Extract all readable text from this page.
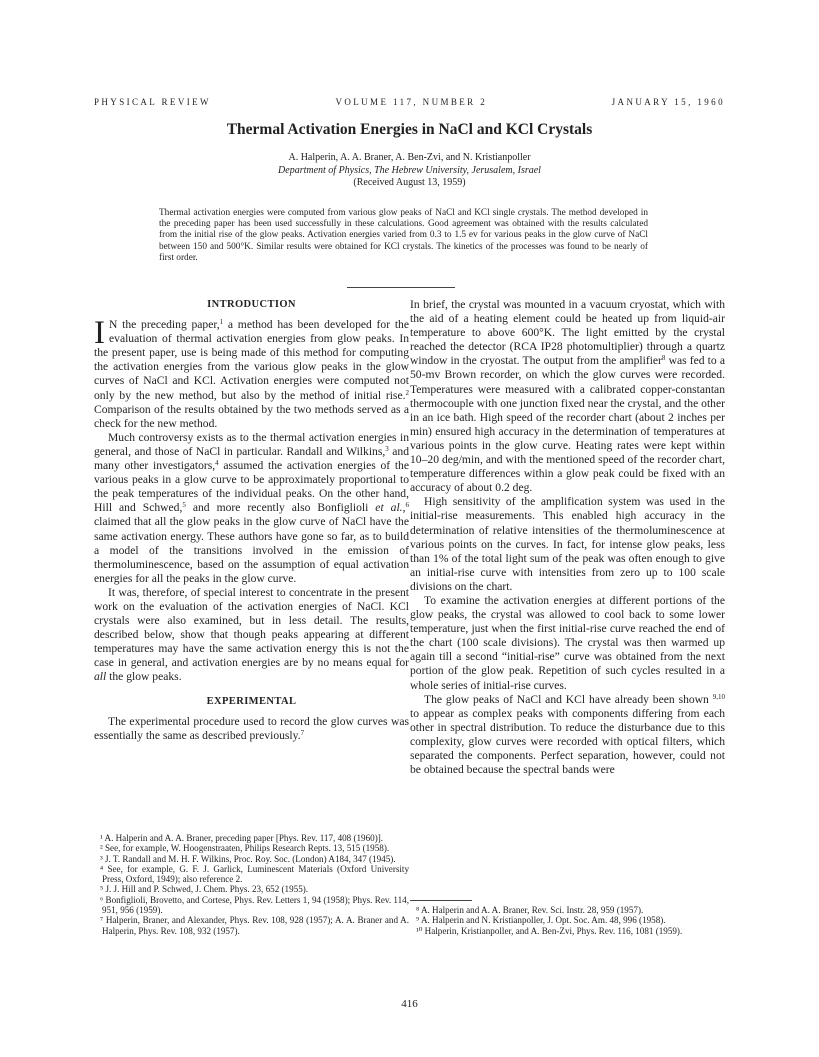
PHYSICAL REVIEW	VOLUME 117, NUMBER 2	JANUARY 15, 1960
Thermal Activation Energies in NaCl and KCl Crystals
A. Halperin, A. A. Braner, A. Ben-Zvi, and N. Kristianpoller
Department of Physics, The Hebrew University, Jerusalem, Israel
(Received August 13, 1959)
Thermal activation energies were computed from various glow peaks of NaCl and KCl single crystals. The method developed in the preceding paper has been used successfully in these calculations. Good agreement was obtained with the results calculated from the initial rise of the glow peaks. Activation energies varied from 0.3 to 1.5 ev for various peaks in the glow curve of NaCl between 150 and 500°K. Similar results were obtained for KCl crystals. The kinetics of the processes was found to be nearly of first order.
INTRODUCTION

I N the preceding paper,$^1$ a method has been developed for the evaluation of thermal activation energies from glow peaks. In the present paper, use is being made of this method for computing the activation energies from the various glow peaks in the glow curves of NaCl and KCl. Activation energies were computed not only by the new method, but also by the method of initial rise.$^2$ Comparison of the results obtained by the two methods served as a check for the new method.

Much controversy exists as to the thermal activation energies in general, and those of NaCl in particular. Randall and Wilkins,$^3$ and many other investigators,$^4$ assumed the activation energies of the various peaks in a glow curve to be approximately proportional to the peak temperatures of the individual peaks. On the other hand, Hill and Schwed,$^5$ and more recently also Bonfiglioli et al.,$^6$ claimed that all the glow peaks in the glow curve of NaCl have the same activation energy. These authors have gone so far, as to build a model of the transitions involved in the emission of thermoluminescence, based on the assumption of equal activation energies for all the peaks in the glow curve.

It was, therefore, of special interest to concentrate in the present work on the evaluation of the activation energies of NaCl. KCl crystals were also examined, but in less detail. The results, described below, show that though peaks appearing at different temperatures may have the same activation energy this is not the case in general, and activation energies are by no means equal for all the glow peaks.

EXPERIMENTAL

The experimental procedure used to record the glow curves was essentially the same as described previously.$^7$

¹ A. Halperin and A. A. Braner, preceding paper [Phys. Rev. 117, 408 (1960)].

² See, for example, W. Hoogenstraaten, Philips Research Repts. 13, 515 (1958).

³ J. T. Randall and M. H. F. Wilkins, Proc. Roy. Soc. (London) A184, 347 (1945).

⁴ See, for example, G. F. J. Garlick, Luminescent Materials (Oxford University Press, Oxford, 1949); also reference 2.

⁵ J. J. Hill and P. Schwed, J. Chem. Phys. 23, 652 (1955).

⁶ Bonfiglioli, Brovetto, and Cortese, Phys. Rev. Letters 1, 94 (1958); Phys. Rev. 114, 951, 956 (1959).

⁷ Halperin, Braner, and Alexander, Phys. Rev. 108, 928 (1957); A. A. Braner and A. Halperin, Phys. Rev. 108, 932 (1957).

In brief, the crystal was mounted in a vacuum cryostat, which with the aid of a heating element could be heated up from liquid-air temperature to above 600°K. The light emitted by the crystal reached the detector (RCA IP28 photomultiplier) through a quartz window in the cryostat. The output from the amplifier$^8$ was fed to a 50-mv Brown recorder, on which the glow curves were recorded. Temperatures were measured with a calibrated copper-constantan thermocouple with one junction fixed near the crystal, and the other in an ice bath. High speed of the recorder chart (about 2 inches per min) ensured high accuracy in the determination of temperatures at various points in the glow curve. Heating rates were kept within 10–20 deg/min, and with the mentioned speed of the recorder chart, temperature differences within a glow peak could be fixed with an accuracy of about 0.2 deg.

High sensitivity of the amplification system was used in the initial-rise measurements. This enabled high accuracy in the determination of relative intensities of the thermoluminescence at various points on the curves. In fact, for intense glow peaks, less than 1% of the total light sum of the peak was often enough to give an initial-rise curve with intensities from zero up to 100 scale divisions on the chart.

To examine the activation energies at different portions of the glow peaks, the crystal was allowed to cool back to some lower temperature, just when the first initial-rise curve reached the end of the chart (100 scale divisions). The crystal was then warmed up again till a second “initial-rise” curve was obtained from the next portion of the glow peak. Repetition of such cycles resulted in a whole series of initial-rise curves.

The glow peaks of NaCl and KCl have already been shown $^{9,10}$ to appear as complex peaks with components differing from each other in spectral distribution. To reduce the disturbance due to this complexity, glow curves were recorded with optical filters, which separated the components. Perfect separation, however, could not be obtained because the spectral bands were

⁸ A. Halperin and A. A. Braner, Rev. Sci. Instr. 28, 959 (1957).

⁹ A. Halperin and N. Kristianpoller, J. Opt. Soc. Am. 48, 996 (1958).

¹⁰ Halperin, Kristianpoller, and A. Ben-Zvi, Phys. Rev. 116, 1081 (1959).

416
